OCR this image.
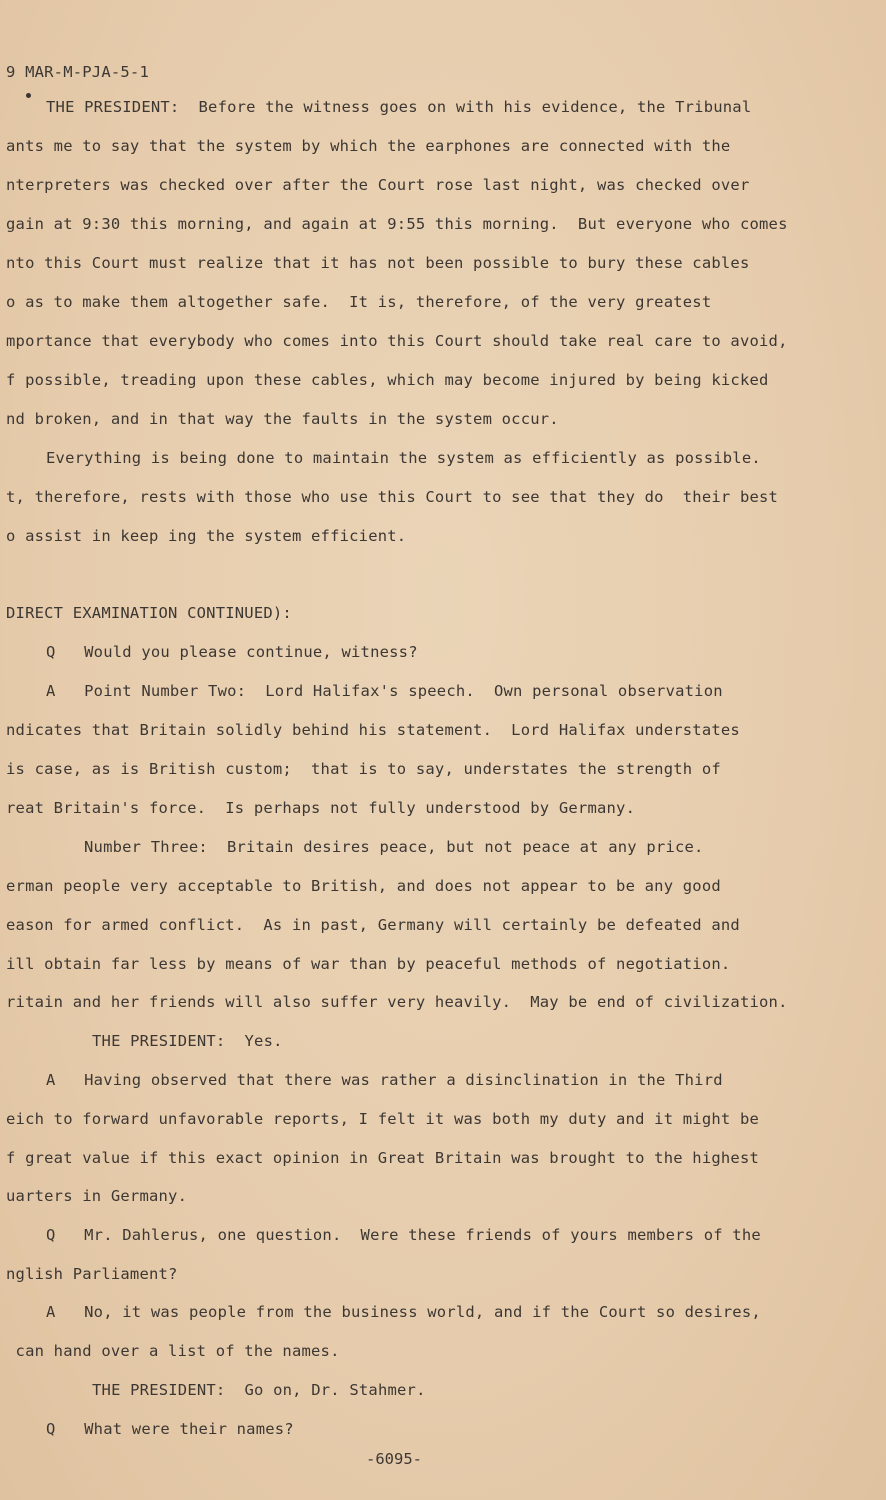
9 MAR-M-PJA-5-1
THE PRESIDENT:  Before the witness goes on with his evidence, the Tribunal
ants me to say that the system by which the earphones are connected with the
nterpreters was checked over after the Court rose last night, was checked over
gain at 9:30 this morning, and again at 9:55 this morning.  But everyone who comes
nto this Court must realize that it has not been possible to bury these cables
o as to make them altogether safe.  It is, therefore, of the very greatest
mportance that everybody who comes into this Court should take real care to avoid,
f possible, treading upon these cables, which may become injured by being kicked
nd broken, and in that way the faults in the system occur.
Everything is being done to maintain the system as efficiently as possible.
t, therefore, rests with those who use this Court to see that they do  their best
o assist in keep ing the system efficient.
DIRECT EXAMINATION CONTINUED):
Q   Would you please continue, witness?
A   Point Number Two:  Lord Halifax's speech.  Own personal observation
ndicates that Britain solidly behind his statement.  Lord Halifax understates
is case, as is British custom;  that is to say, understates the strength of
reat Britain's force.  Is perhaps not fully understood by Germany.
Number Three:  Britain desires peace, but not peace at any price.
erman people very acceptable to British, and does not appear to be any good
eason for armed conflict.  As in past, Germany will certainly be defeated and
ill obtain far less by means of war than by peaceful methods of negotiation.
ritain and her friends will also suffer very heavily.  May be end of civilization.
THE PRESIDENT:  Yes.
A   Having observed that there was rather a disinclination in the Third
eich to forward unfavorable reports, I felt it was both my duty and it might be
f great value if this exact opinion in Great Britain was brought to the highest
uarters in Germany.
Q   Mr. Dahlerus, one question.  Were these friends of yours members of the
nglish Parliament?
A   No, it was people from the business world, and if the Court so desires,
can hand over a list of the names.
THE PRESIDENT:  Go on, Dr. Stahmer.
Q   What were their names?
-6095-
